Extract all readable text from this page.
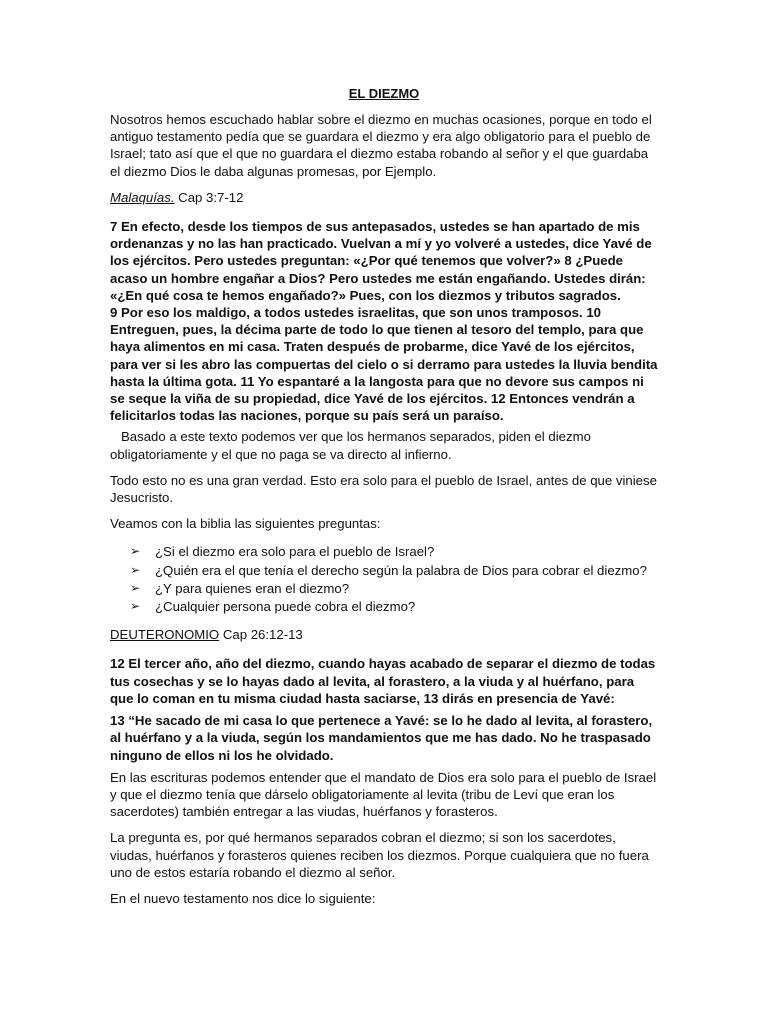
EL DIEZMO

Nosotros hemos escuchado hablar sobre el diezmo en muchas ocasiones, porque en todo el antiguo testamento pedía que se guardara el diezmo y era algo obligatorio para el pueblo de Israel; tato así que el que no guardara el diezmo estaba robando al señor y el que guardaba el diezmo Dios le daba algunas promesas, por Ejemplo.

Malaquías. Cap 3:7-12

7 En efecto, desde los tiempos de sus antepasados, ustedes se han apartado de mis ordenanzas y no las han practicado. Vuelvan a mí y yo volveré a ustedes, dice Yavé de los ejércitos. Pero ustedes preguntan: «¿Por qué tenemos que volver?» 8 ¿Puede acaso un hombre engañar a Dios? Pero ustedes me están engañando. Ustedes dirán: «¿En qué cosa te hemos engañado?» Pues, con los diezmos y tributos sagrados.

9 Por eso los maldigo, a todos ustedes israelitas, que son unos tramposos. 10 Entreguen, pues, la décima parte de todo lo que tienen al tesoro del templo, para que haya alimentos en mi casa. Traten después de probarme, dice Yavé de los ejércitos, para ver si les abro las compuertas del cielo o si derramo para ustedes la lluvia bendita hasta la última gota. 11 Yo espantaré a la langosta para que no devore sus campos ni se seque la viña de su propiedad, dice Yavé de los ejércitos. 12 Entonces vendrán a felicitarlos todas las naciones, porque su país será un paraíso.

Basado a este texto podemos ver que los hermanos separados, piden el diezmo obligatoriamente y el que no paga se va directo al infierno.

Todo esto no es una gran verdad. Esto era solo para el pueblo de Israel, antes de que viniese Jesucristo.

Veamos con la biblia las siguientes preguntas:

➢ ¿Si el diezmo era solo para el pueblo de Israel?
➢ ¿Quién era el que tenía el derecho según la palabra de Dios para cobrar el diezmo?
➢ ¿Y para quienes eran el diezmo?
➢ ¿Cualquier persona puede cobra el diezmo?

DEUTERONOMIO Cap 26:12-13

12 El tercer año, año del diezmo, cuando hayas acabado de separar el diezmo de todas tus cosechas y se lo hayas dado al levita, al forastero, a la viuda y al huérfano, para que lo coman en tu misma ciudad hasta saciarse, 13 dirás en presencia de Yavé:

13 “He sacado de mi casa lo que pertenece a Yavé: se lo he dado al levita, al forastero, al huérfano y a la viuda, según los mandamientos que me has dado. No he traspasado ninguno de ellos ni los he olvidado.

En las escrituras podemos entender que el mandato de Dios era solo para el pueblo de Israel y que el diezmo tenía que dárselo obligatoriamente al levita (tribu de Leví que eran los sacerdotes) también entregar a las viudas, huérfanos y forasteros.

La pregunta es, por qué hermanos separados cobran el diezmo; si son los sacerdotes, viudas, huérfanos y forasteros quienes reciben los diezmos. Porque cualquiera que no fuera uno de estos estaría robando el diezmo al señor.

En el nuevo testamento nos dice lo siguiente:
